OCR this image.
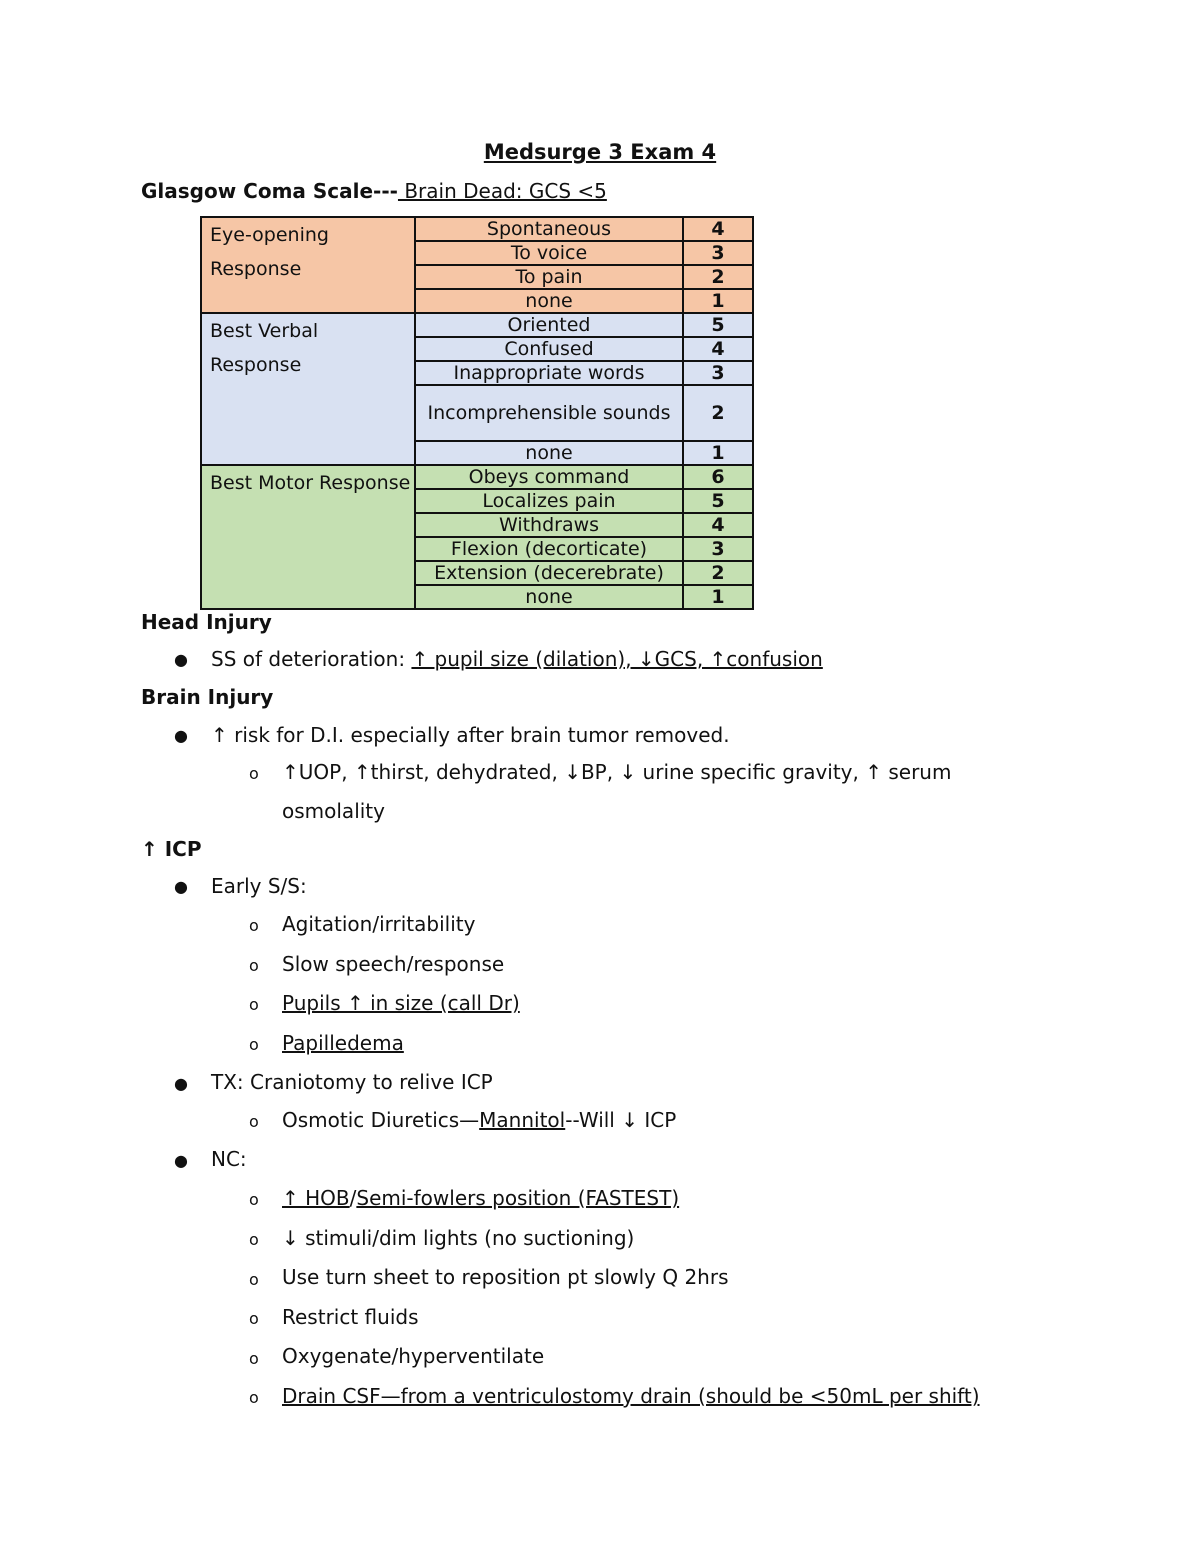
Medsurge 3 Exam 4
Glasgow Coma Scale--- Brain Dead: GCS <5
Eye-opening Response	Spontaneous	4
	To voice	3
	To pain	2
	none	1
Best Verbal Response	Oriented	5
	Confused	4
	Inappropriate words	3
	Incomprehensible sounds	2
	none	1
Best Motor Response	Obeys command	6
	Localizes pain	5
	Withdraws	4
	Flexion (decorticate)	3
	Extension (decerebrate)	2
	none	1
Head Injury
● SS of deterioration: ↑ pupil size (dilation), ↓GCS, ↑confusion
Brain Injury
● ↑ risk for D.I. especially after brain tumor removed.
o ↑UOP, ↑thirst, dehydrated, ↓BP, ↓ urine specific gravity, ↑ serum
osmolality
↑ ICP
● Early S/S:
o Agitation/irritability
o Slow speech/response
o Pupils ↑ in size (call Dr)
o Papilledema
● TX: Craniotomy to relive ICP
o Osmotic Diuretics—Mannitol--Will ↓ ICP
● NC:
o ↑ HOB/Semi-fowlers position (FASTEST)
o ↓ stimuli/dim lights (no suctioning)
o Use turn sheet to reposition pt slowly Q 2hrs
o Restrict fluids
o Oxygenate/hyperventilate
o Drain CSF—from a ventriculostomy drain (should be <50mL per shift)
